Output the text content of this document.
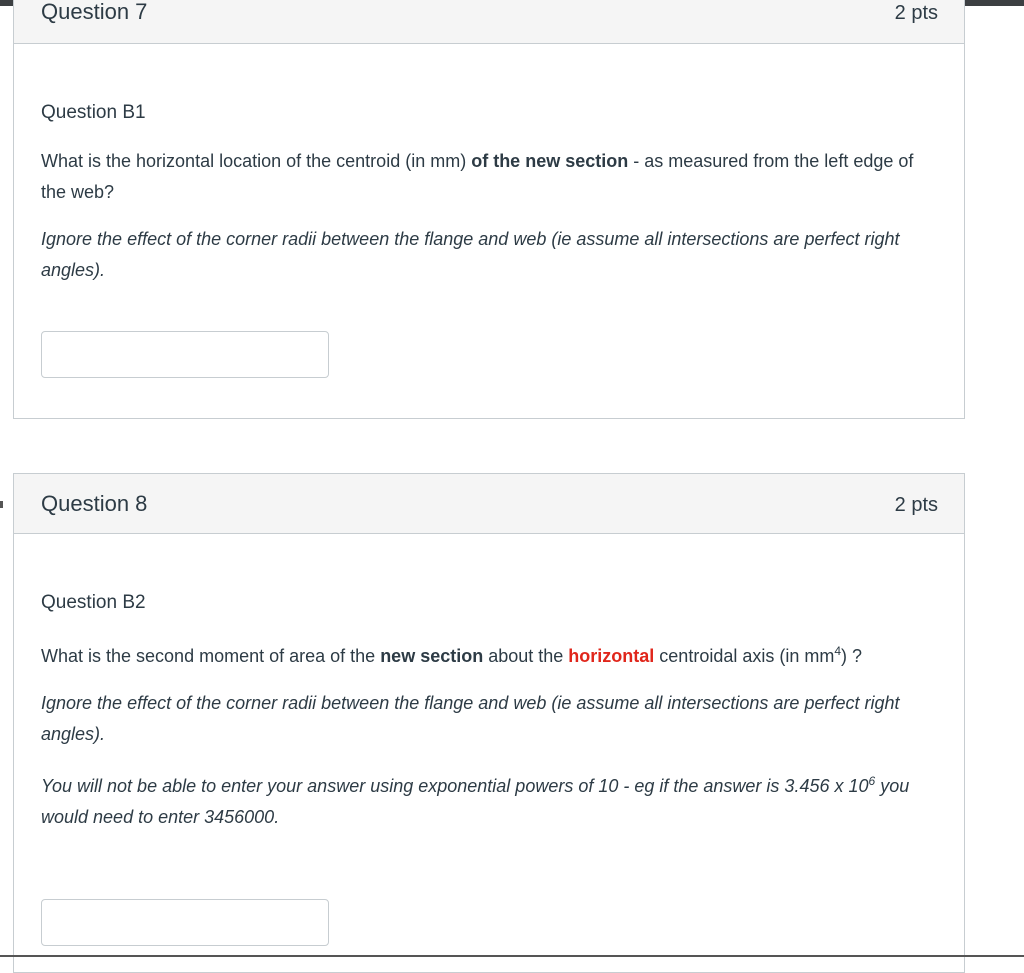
Question 7	2 pts

Question B1

What is the horizontal location of the centroid (in mm) of the new section - as measured from the left edge of the web?

Ignore the effect of the corner radii between the flange and web (ie assume all intersections are perfect right angles).

Question 8	2 pts

Question B2

What is the second moment of area of the new section about the horizontal centroidal axis (in $mm^4$) ?

Ignore the effect of the corner radii between the flange and web (ie assume all intersections are perfect right angles).

You will not be able to enter your answer using exponential powers of 10 - eg if the answer is 3.456 x $10^6$ you would need to enter 3456000.
